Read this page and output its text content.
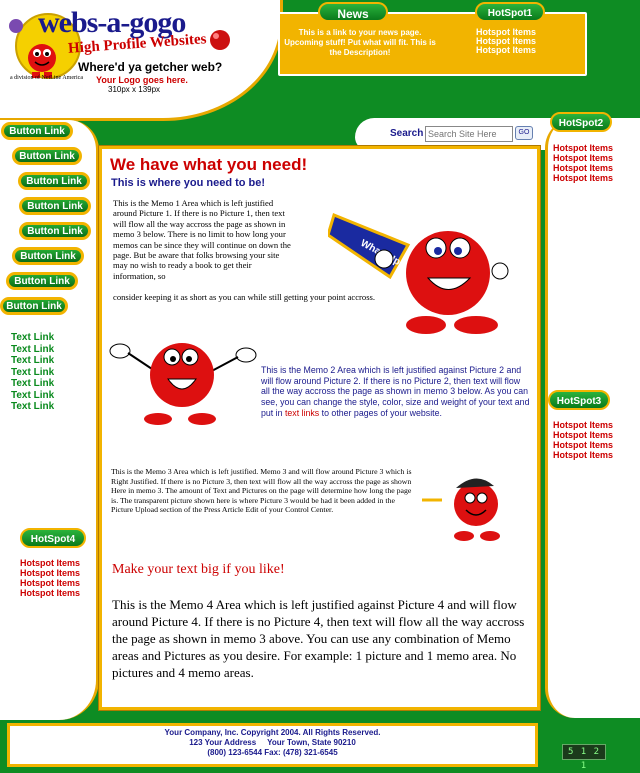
webs-a-gogo
High Profile Websites
a division of NetLine America
Where'd ya getcher web?
Your Logo goes here.
310px x 139px
News
This is a link to your news page. Upcoming stuff! Put what will fit. This is the Description!
HotSpot1
Hotspot Items
Hotspot Items
Hotspot Items
Search
Search Site Here	GO
Button Link
Button Link
Button Link
Button Link
Button Link
Button Link
Button Link
Button Link
Text Link
Text Link
Text Link
Text Link
Text Link
Text Link
Text Link
HotSpot4
Hotspot Items
Hotspot Items
Hotspot Items
Hotspot Items
HotSpot2
Hotspot Items
Hotspot Items
Hotspot Items
Hotspot Items
HotSpot3
Hotspot Items
Hotspot Items
Hotspot Items
Hotspot Items
We have what you need!
This is where you need to be!
This is the Memo 1 Area which is left justified around Picture 1. If there is no Picture 1, then text will flow all the way accross the page as shown in memo 3 below. There is no limit to how long your memos can be since they will continue on down the page. But be aware that folks browsing your site may no wish to ready a book to get their information, so
consider keeping it as short as you can while still getting your point accross.
This is the Memo 2 Area which is left justified against Picture 2 and will flow around Picture 2. If there is no Picture 2, then text will flow all the way accross the page as shown in memo 3 below. As you can see, you can change the style, color, size and weight of your text and put in text links to other pages of your website.
This is the Memo 3 Area which is left justified. Memo 3 and will flow around Picture 3 which is Right Justified. If there is no Picture 3, then text will flow all the way accross the page as shown Here in memo 3. The amount of Text and Pictures on the page will determine how long the page is. The transparent picture shown here is where Picture 3 would be had it been added in the Picture Upload section of the Press Article Edit of your Control Center.
Make your text big if you like!
This is the Memo 4 Area which is left justified against Picture 4 and will flow around Picture 4. If there is no Picture 4, then text will flow all the way accross the page as shown in memo 3 above. You can use any combination of Memo areas and Pictures as you desire. For example: 1 picture and 1 memo area. No pictures and 4 memo areas.
Your Company, Inc. Copyright 2004. All Rights Reserved.
123 Your Address     Your Town, State 90210
(800) 123-6544 Fax: (478) 321-6545	5 1 2 1
